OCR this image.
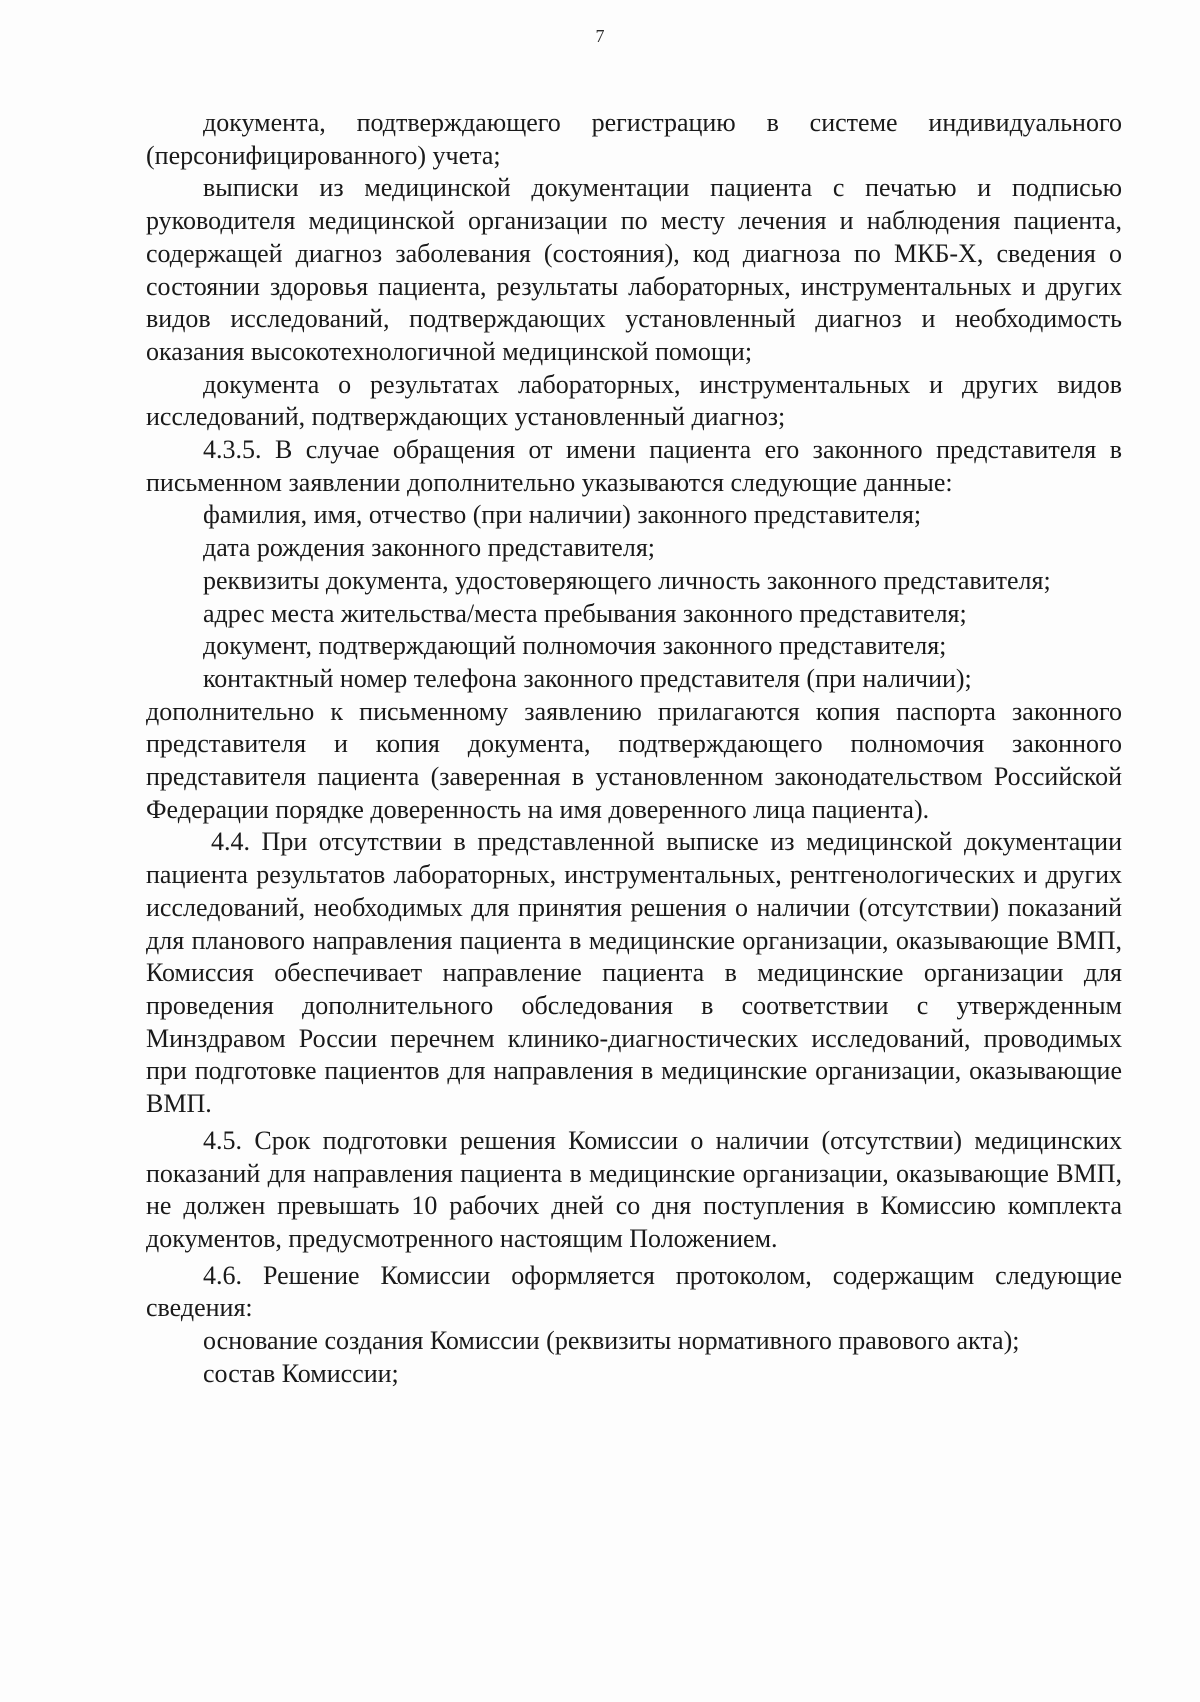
7

документа, подтверждающего регистрацию в системе индивидуального (персонифицированного) учета;

выписки из медицинской документации пациента с печатью и подписью руководителя медицинской организации по месту лечения и наблюдения пациента, содержащей диагноз заболевания (состояния), код диагноза по МКБ-Х, сведения о состоянии здоровья пациента, результаты лабораторных, инструментальных и других видов исследований, подтверждающих установленный диагноз и необходимость оказания высокотехнологичной медицинской помощи;

документа о результатах лабораторных, инструментальных и других видов исследований, подтверждающих установленный диагноз;

4.3.5. В случае обращения от имени пациента его законного представителя в письменном заявлении дополнительно указываются следующие данные:

фамилия, имя, отчество (при наличии) законного представителя;

дата рождения законного представителя;

реквизиты документа, удостоверяющего личность законного представителя;

адрес места жительства/места пребывания законного представителя;

документ, подтверждающий полномочия законного представителя;

контактный номер телефона законного представителя (при наличии);

дополнительно к письменному заявлению прилагаются копия паспорта законного представителя и копия документа, подтверждающего полномочия законного представителя пациента (заверенная в установленном законодательством Российской Федерации порядке доверенность на имя доверенного лица пациента).

4.4. При отсутствии в представленной выписке из медицинской документации пациента результатов лабораторных, инструментальных, рентгенологических и других исследований, необходимых для принятия решения о наличии (отсутствии) показаний для планового направления пациента в медицинские организации, оказывающие ВМП, Комиссия обеспечивает направление пациента в медицинские организации для проведения дополнительного обследования в соответствии с утвержденным Минздравом России перечнем клинико-диагностических исследований, проводимых при подготовке пациентов для направления в медицинские организации, оказывающие ВМП.

4.5. Срок подготовки решения Комиссии о наличии (отсутствии) медицинских показаний для направления пациента в медицинские организации, оказывающие ВМП, не должен превышать 10 рабочих дней со дня поступления в Комиссию комплекта документов, предусмотренного настоящим Положением.

4.6. Решение Комиссии оформляется протоколом, содержащим следующие сведения:

основание создания Комиссии (реквизиты нормативного правового акта);

состав Комиссии;
